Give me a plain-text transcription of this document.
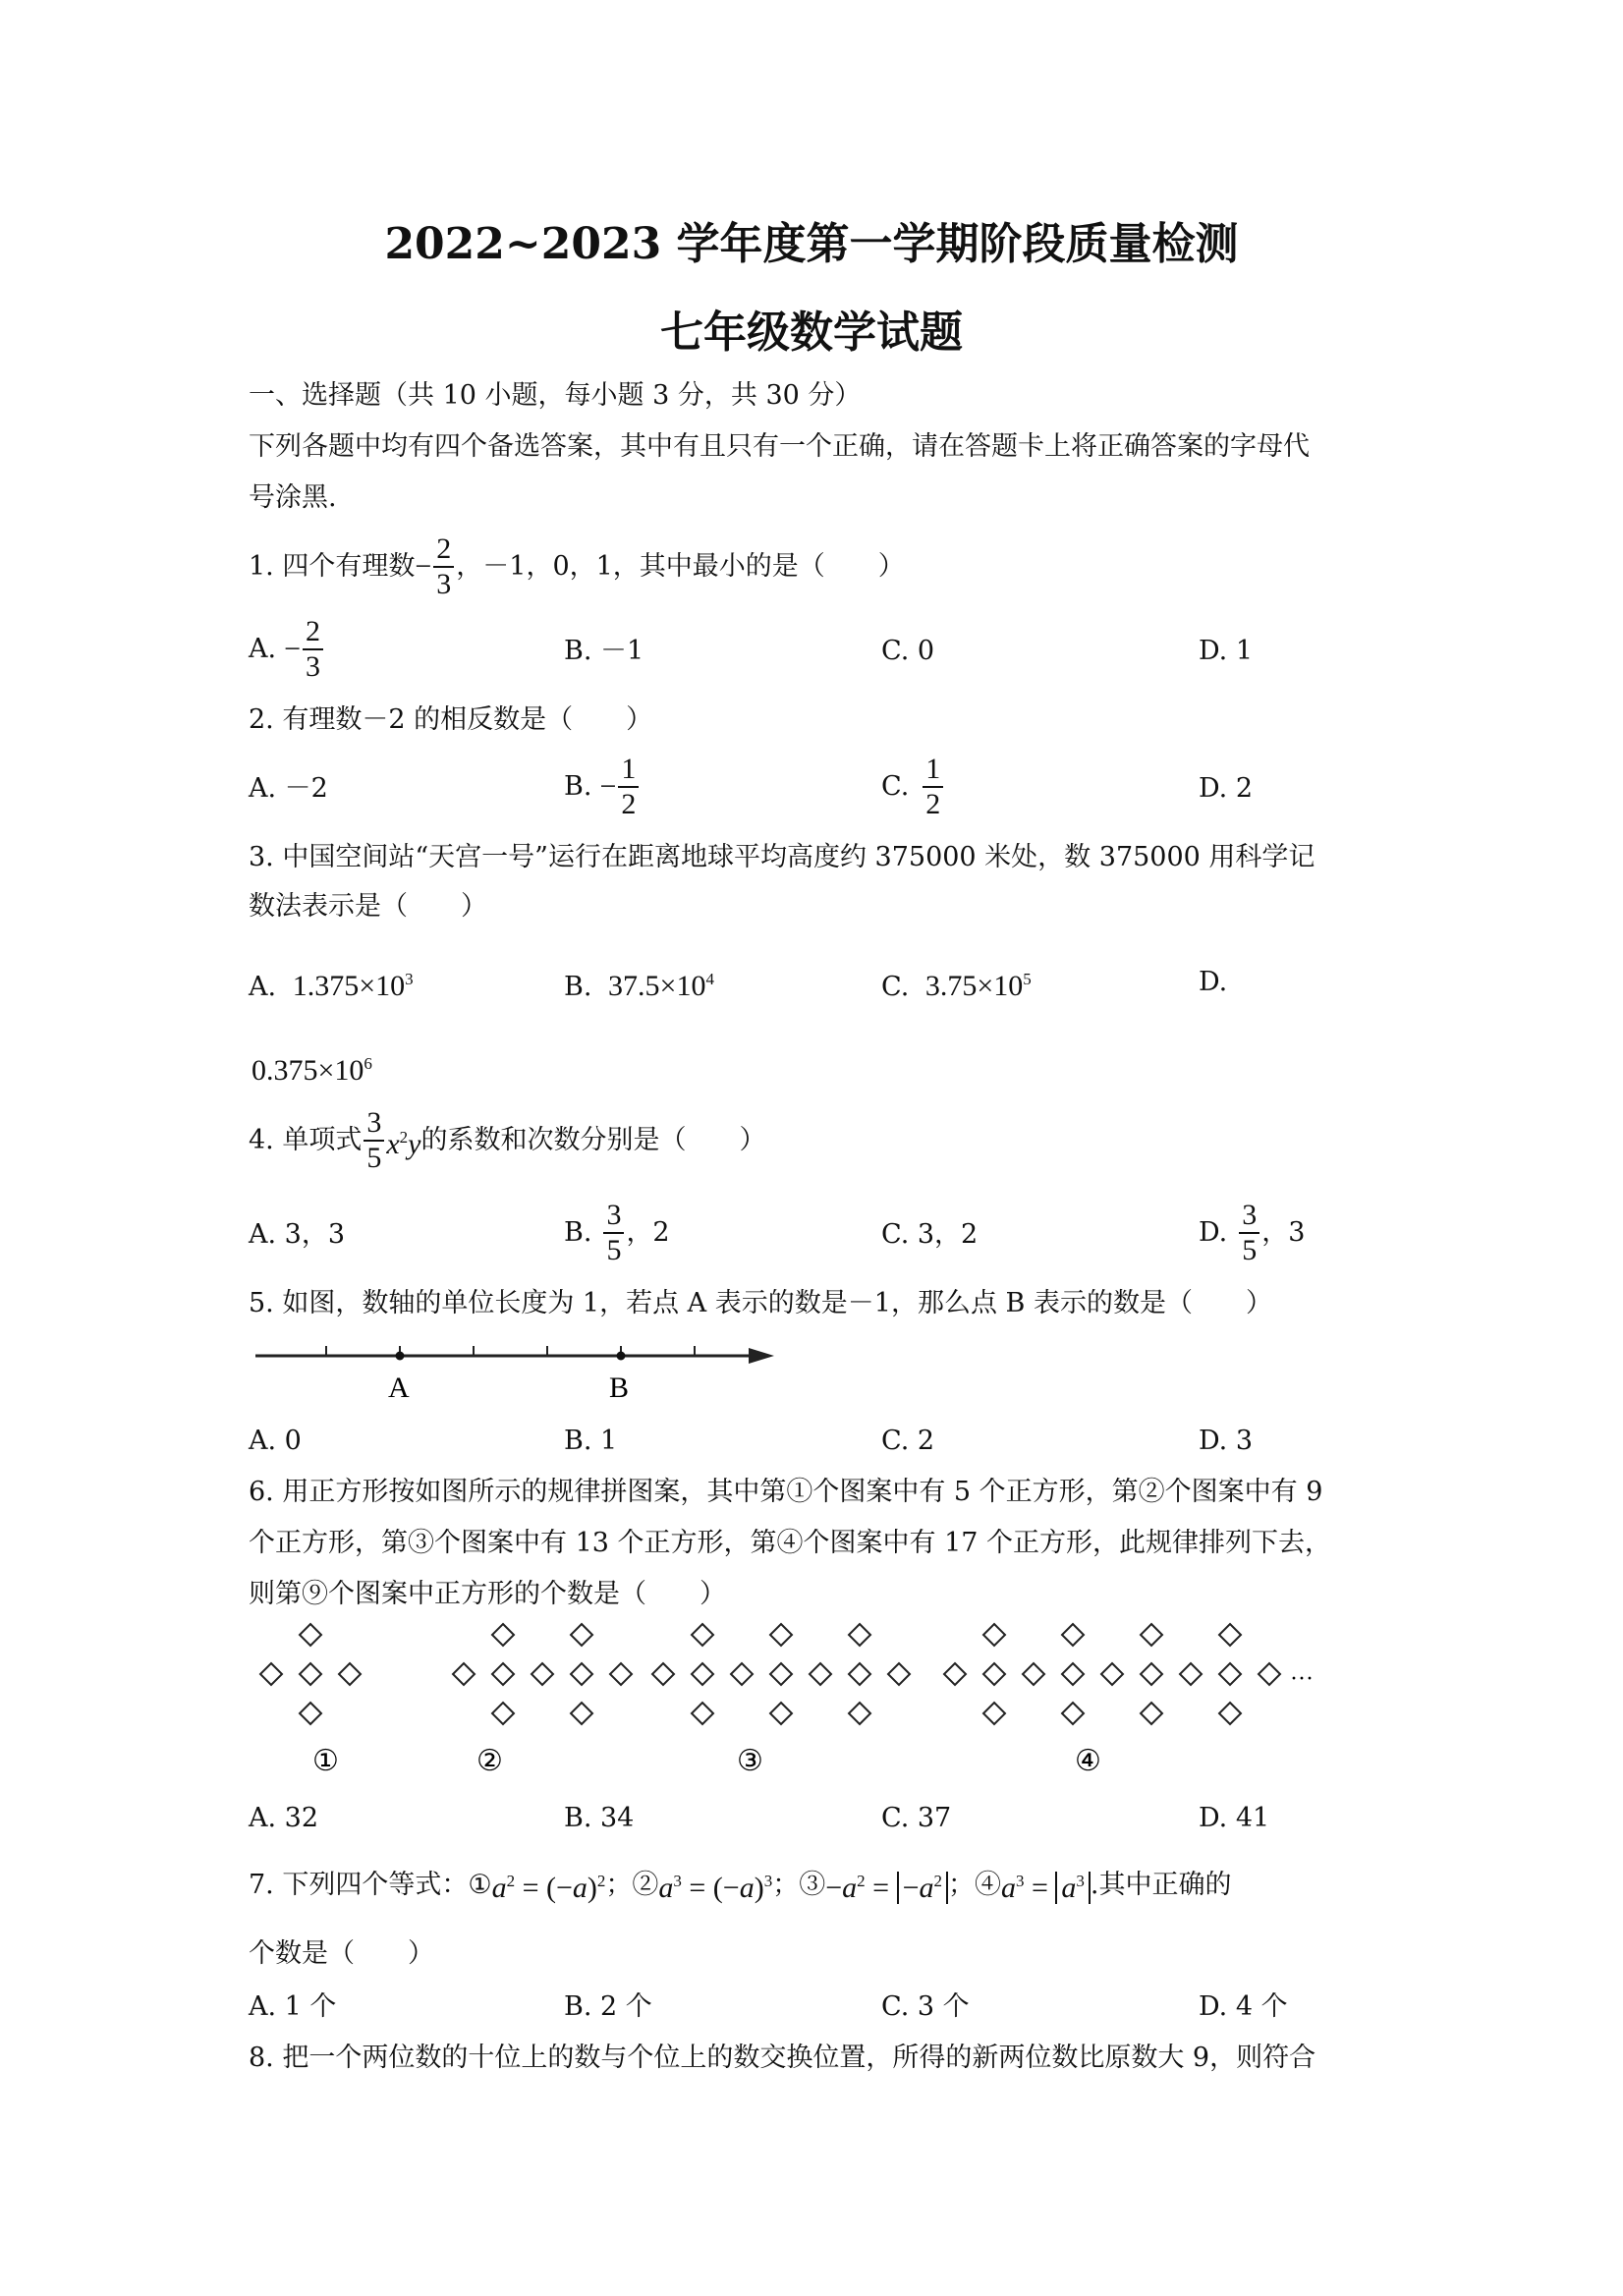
2022~2023 学年度第一学期阶段质量检测
七年级数学试题
一、选择题（共 10 小题，每小题 3 分，共 30 分）
下列各题中均有四个备选答案，其中有且只有一个正确，请在答题卡上将正确答案的字母代
号涂黑.
1. 四个有理数 − $\frac{2}{3}$ ，－1，0，1，其中最小的是（　　）
A. − $\frac{2}{3}$	B. －1	C. 0	D. 1
2. 有理数－2 的相反数是（　　）
A. －2	B. − $\frac{1}{2}$	C. $\frac{1}{2}$	D. 2
3. 中国空间站“天宫一号”运行在距离地球平均高度约 375000 米处，数 375000 用科学记
数法表示是（　　）
A. $1.375\times 10^3$	B. $37.5\times 10^4$	C. $3.75\times 10^5$	D.
$0.375\times 10^6$
4. 单项式 $\frac{3}{5} x^2y$ 的系数和次数分别是（　　）
A. 3，3	B. $\frac{3}{5}$ ，2	C. 3，2	D. $\frac{3}{5}$ ，3
5. 如图，数轴的单位长度为 1，若点 A 表示的数是－1，那么点 B 表示的数是（　　）
A	B
A. 0	B. 1	C. 2	D. 3
6. 用正方形按如图所示的规律拼图案，其中第①个图案中有 5 个正方形，第②个图案中有 9
个正方形，第③个图案中有 13 个正方形，第④个图案中有 17 个正方形，此规律排列下去，
则第⑨个图案中正方形的个数是（　　）
①	②	③	④
···
A. 32	B. 34	C. 37	D. 41
7. 下列四个等式： ① $a^2 = (-a)^2$ ；② $a^3 = (-a)^3$ ；③ $-a^2 = -a^2$ ；④ $a^3 = a^3$ .其中正确的
个数是（　　）
A. 1 个	B. 2 个	C. 3 个	D. 4 个
8. 把一个两位数的十位上的数与个位上的数交换位置，所得的新两位数比原数大 9，则符合
